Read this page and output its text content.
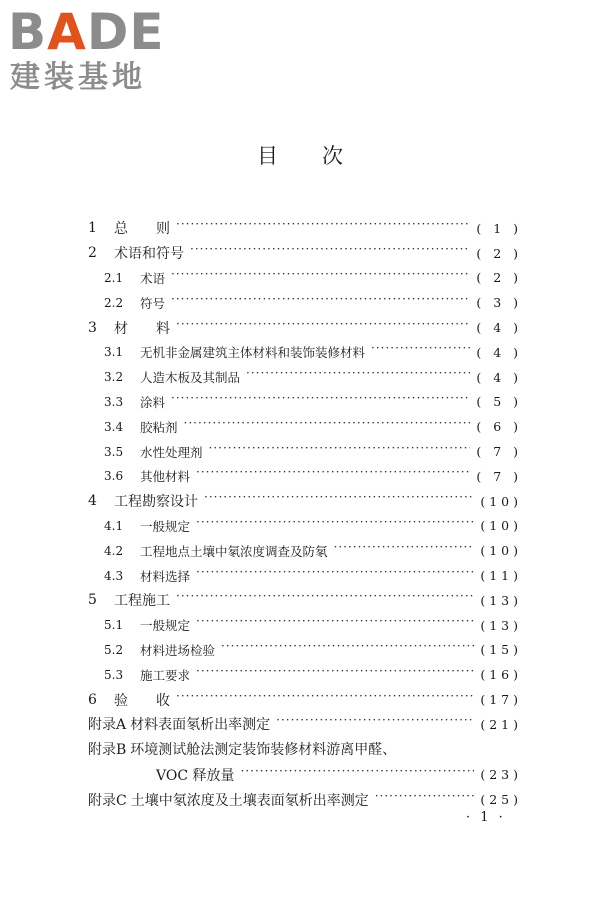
BADE
建装基地
目 次
1	总　　则 ·····	( 1 )
2	术语和符号 ·····	( 2 )
2.1	术语 ·····	( 2 )
2.2	符号 ·····	( 3 )
3	材　　料 ·····	( 4 )
3.1	无机非金属建筑主体材料和装饰装修材料 ·····	( 4 )
3.2	人造木板及其制品 ·····	( 4 )
3.3	涂料 ·····	( 5 )
3.4	胶粘剂 ·····	( 6 )
3.5	水性处理剂 ·····	( 7 )
3.6	其他材料 ·····	( 7 )
4	工程勘察设计 ·····	(10)
4.1	一般规定 ·····	(10)
4.2	工程地点土壤中氡浓度调查及防氡 ·····	(10)
4.3	材料选择 ·····	(11)
5	工程施工 ·····	(13)
5.1	一般规定 ·····	(13)
5.2	材料进场检验 ·····	(15)
5.3	施工要求 ·····	(16)
6	验　　收 ·····	(17)
附录A 材料表面氡析出率测定 ·····	(21)
附录B 环境测试舱法测定装饰装修材料游离甲醛、
VOC 释放量 ·····	(23)
附录C 土壤中氡浓度及土壤表面氡析出率测定 ·····	(25)
· 1 ·
